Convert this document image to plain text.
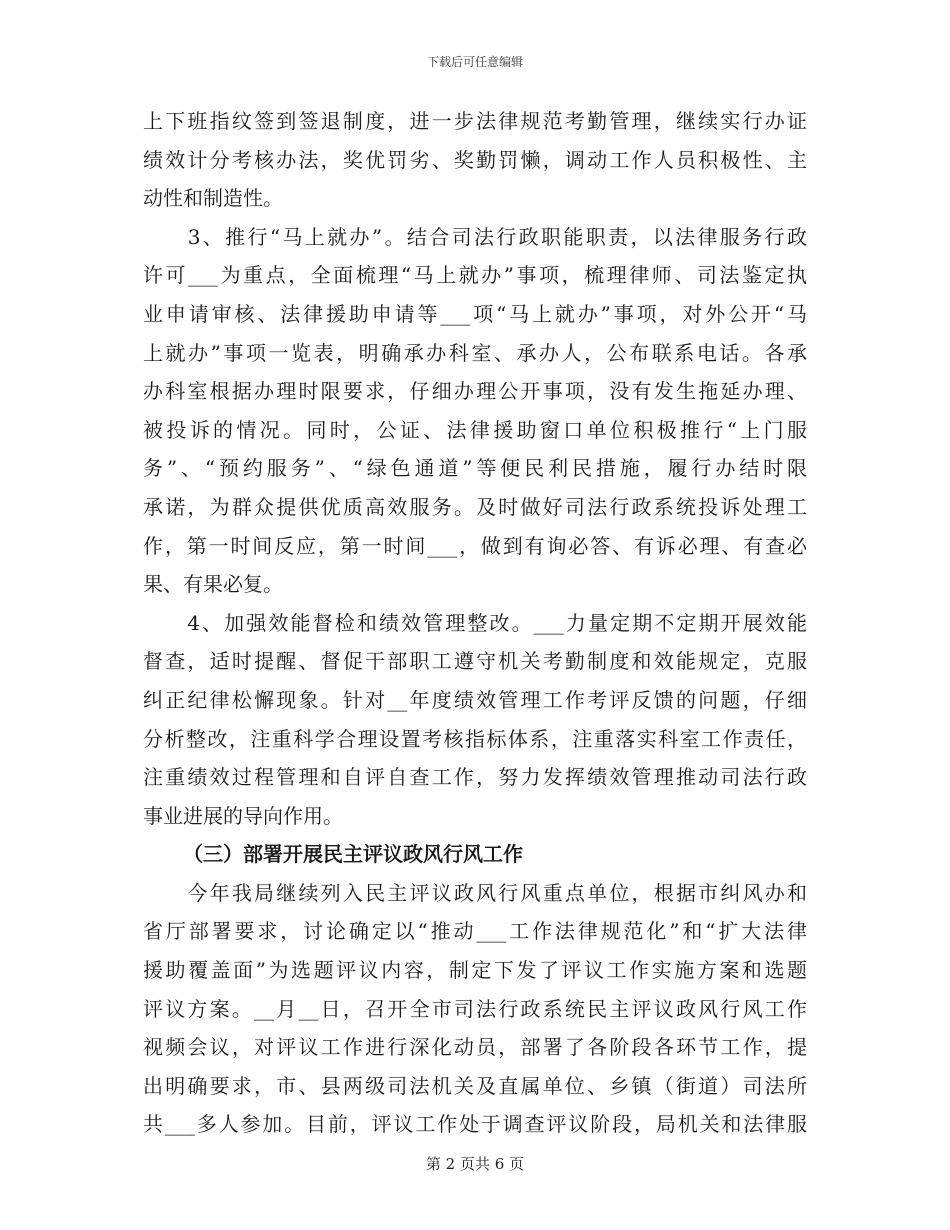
下载后可任意编辑
上下班指纹签到签退制度，进一步法律规范考勤管理，继续实行办证
绩效计分考核办法，奖优罚劣、奖勤罚懒，调动工作人员积极性、主
动性和制造性。
　　3、推行“马上就办”。结合司法行政职能职责，以法律服务行政
许可___为重点，全面梳理“马上就办”事项，梳理律师、司法鉴定执
业申请审核、法律援助申请等___项“马上就办”事项，对外公开“马
上就办”事项一览表，明确承办科室、承办人，公布联系电话。各承
办科室根据办理时限要求，仔细办理公开事项，没有发生拖延办理、
被投诉的情况。同时，公证、法律援助窗口单位积极推行“上门服
务”、“预约服务”、“绿色通道”等便民利民措施，履行办结时限
承诺，为群众提供优质高效服务。及时做好司法行政系统投诉处理工
作，第一时间反应，第一时间___，做到有询必答、有诉必理、有查必
果、有果必复。
　　4、加强效能督检和绩效管理整改。___力量定期不定期开展效能
督查，适时提醒、督促干部职工遵守机关考勤制度和效能规定，克服
纠正纪律松懈现象。针对__年度绩效管理工作考评反馈的问题，仔细
分析整改，注重科学合理设置考核指标体系，注重落实科室工作责任，
注重绩效过程管理和自评自查工作，努力发挥绩效管理推动司法行政
事业进展的导向作用。
（三）部署开展民主评议政风行风工作
　　今年我局继续列入民主评议政风行风重点单位，根据市纠风办和
省厅部署要求，讨论确定以“推动___工作法律规范化”和“扩大法律
援助覆盖面”为选题评议内容，制定下发了评议工作实施方案和选题
评议方案。__月__日，召开全市司法行政系统民主评议政风行风工作
视频会议，对评议工作进行深化动员，部署了各阶段各环节工作，提
出明确要求，市、县两级司法机关及直属单位、乡镇（街道）司法所
共___多人参加。目前，评议工作处于调查评议阶段，局机关和法律服
第 2 页共 6 页
